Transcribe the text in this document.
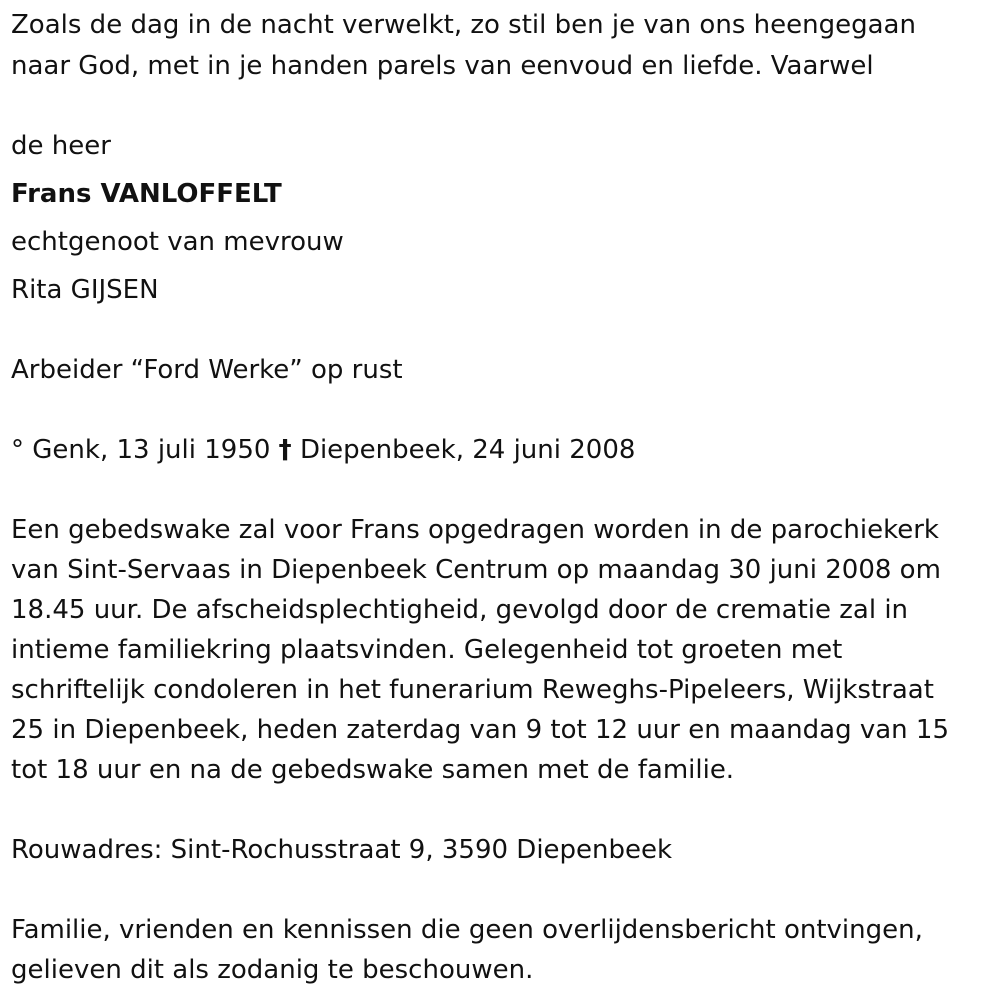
Zoals de dag in de nacht verwelkt, zo stil ben je van ons heengegaan

naar God, met in je handen parels van eenvoud en liefde. Vaarwel

de heer

Frans VANLOFFELT

echtgenoot van mevrouw

Rita GIJSEN

Arbeider “Ford Werke” op rust

° Genk, 13 juli 1950 † Diepenbeek, 24 juni 2008

Een gebedswake zal voor Frans opgedragen worden in de parochiekerk

van Sint-Servaas in Diepenbeek Centrum op maandag 30 juni 2008 om

18.45 uur. De afscheidsplechtigheid, gevolgd door de crematie zal in

intieme familiekring plaatsvinden. Gelegenheid tot groeten met

schriftelijk condoleren in het funerarium Reweghs-Pipeleers, Wijkstraat

25 in Diepenbeek, heden zaterdag van 9 tot 12 uur en maandag van 15

tot 18 uur en na de gebedswake samen met de familie.

Rouwadres: Sint-Rochusstraat 9, 3590 Diepenbeek

Familie, vrienden en kennissen die geen overlijdensbericht ontvingen,

gelieven dit als zodanig te beschouwen.
